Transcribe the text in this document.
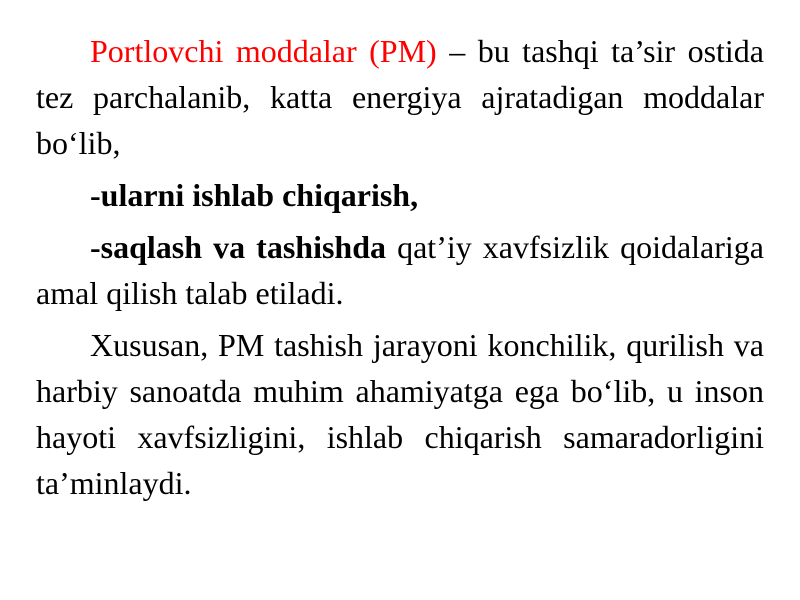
Portlovchi moddalar (PM) – bu tashqi ta’sir ostida tez parchalanib, katta energiya ajratadigan moddalar bo‘lib,

-ularni ishlab chiqarish,

-saqlash va tashishda qat’iy xavfsizlik qoidalariga amal qilish talab etiladi.

Xususan, PM tashish jarayoni konchilik, qurilish va harbiy sanoatda muhim ahamiyatga ega bo‘lib, u inson hayoti xavfsizligini, ishlab chiqarish samaradorligini ta’minlaydi.
